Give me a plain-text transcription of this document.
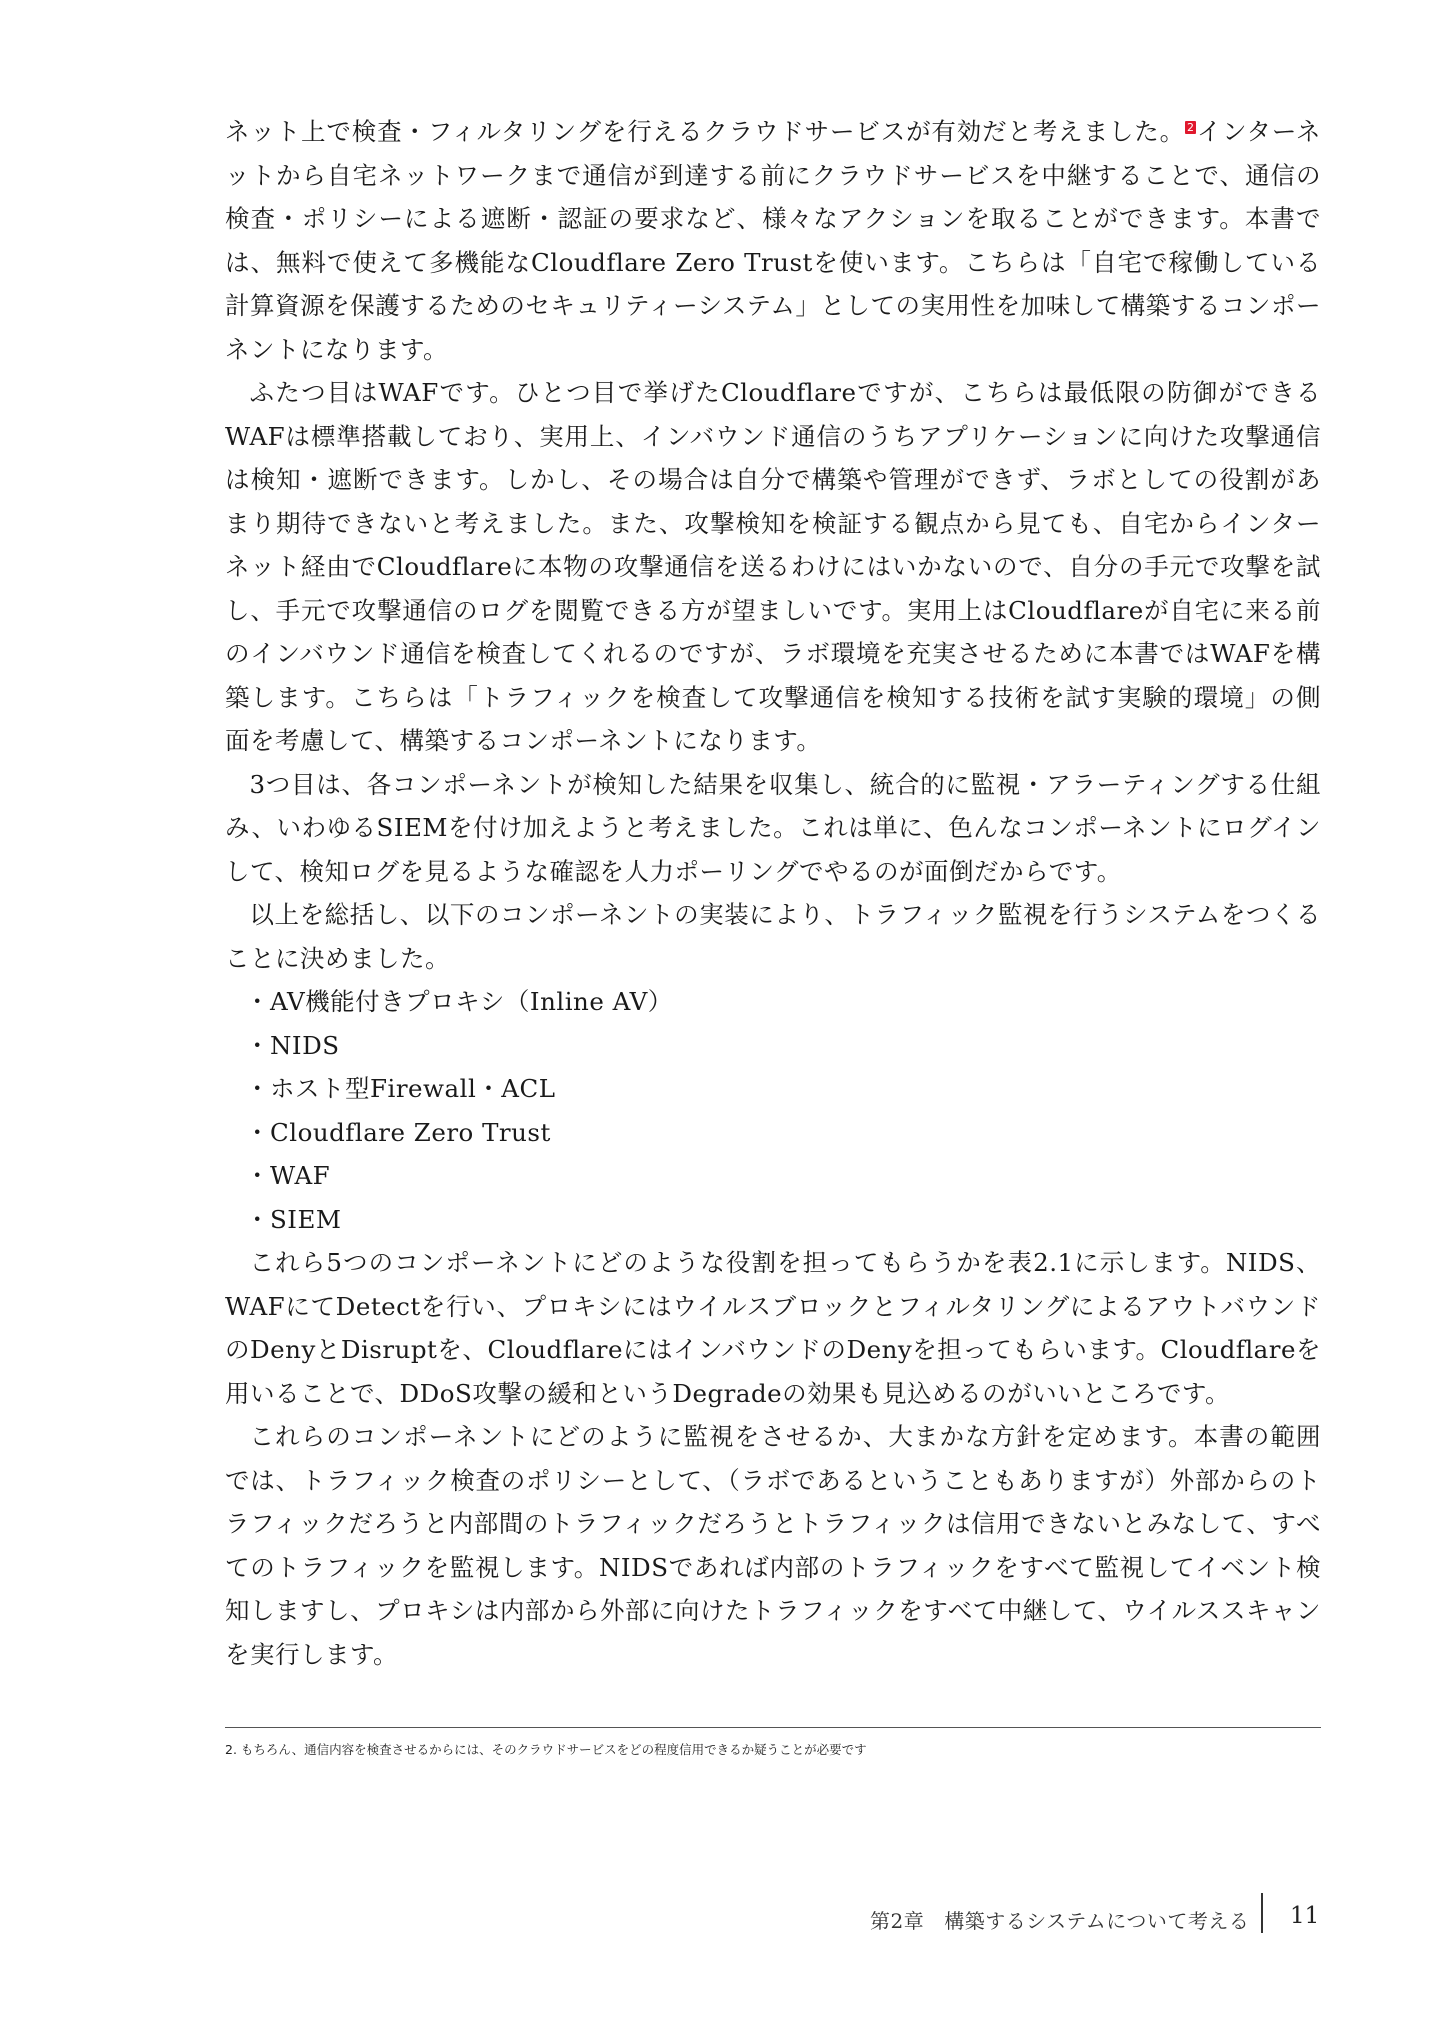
ネット上で検査・フィルタリングを行えるクラウドサービスが有効だと考えました。 $^2$インターネットから自宅ネットワークまで通信が到達する前にクラウドサービスを中継することで、通信の検査・ポリシーによる遮断・認証の要求など、様々なアクションを取ることができます。本書では、無料で使えて多機能なCloudflare Zero Trustを使います。こちらは「自宅で稼働している計算資源を保護するためのセキュリティーシステム」としての実用性を加味して構築するコンポーネントになります。

ふたつ目はWAFです。ひとつ目で挙げたCloudflareですが、こちらは最低限の防御ができるWAFは標準搭載しており、実用上、インバウンド通信のうちアプリケーションに向けた攻撃通信は検知・遮断できます。しかし、その場合は自分で構築や管理ができず、ラボとしての役割があまり期待できないと考えました。また、攻撃検知を検証する観点から見ても、自宅からインターネット経由でCloudflareに本物の攻撃通信を送るわけにはいかないので、自分の手元で攻撃を試し、手元で攻撃通信のログを閲覧できる方が望ましいです。実用上はCloudflareが自宅に来る前のインバウンド通信を検査してくれるのですが、ラボ環境を充実させるために本書ではWAFを構築します。こちらは「トラフィックを検査して攻撃通信を検知する技術を試す実験的環境」の側面を考慮して、構築するコンポーネントになります。

3つ目は、各コンポーネントが検知した結果を収集し、統合的に監視・アラーティングする仕組み、いわゆるSIEMを付け加えようと考えました。これは単に、色んなコンポーネントにログインして、検知ログを見るような確認を人力ポーリングでやるのが面倒だからです。

以上を総括し、以下のコンポーネントの実装により、トラフィック監視を行うシステムをつくることに決めました。

・AV機能付きプロキシ（Inline AV）
・NIDS
・ホスト型Firewall・ACL
・Cloudflare Zero Trust
・WAF
・SIEM

これら5つのコンポーネントにどのような役割を担ってもらうかを表2.1に示します。NIDS、WAFにてDetectを行い、プロキシにはウイルスブロックとフィルタリングによるアウトバウンドのDenyとDisruptを、CloudflareにはインバウンドのDenyを担ってもらいます。Cloudflareを用いることで、DDoS攻撃の緩和というDegradeの効果も見込めるのがいいところです。

これらのコンポーネントにどのように監視をさせるか、大まかな方針を定めます。本書の範囲では、トラフィック検査のポリシーとして、（ラボであるということもありますが）外部からのトラフィックだろうと内部間のトラフィックだろうとトラフィックは信用できないとみなして、すべてのトラフィックを監視します。NIDSであれば内部のトラフィックをすべて監視してイベント検知しますし、プロキシは内部から外部に向けたトラフィックをすべて中継して、ウイルススキャンを実行します。

2. もちろん、通信内容を検査させるからには、そのクラウドサービスをどの程度信用できるか疑うことが必要です
第2章 構築するシステムについて考える 11
